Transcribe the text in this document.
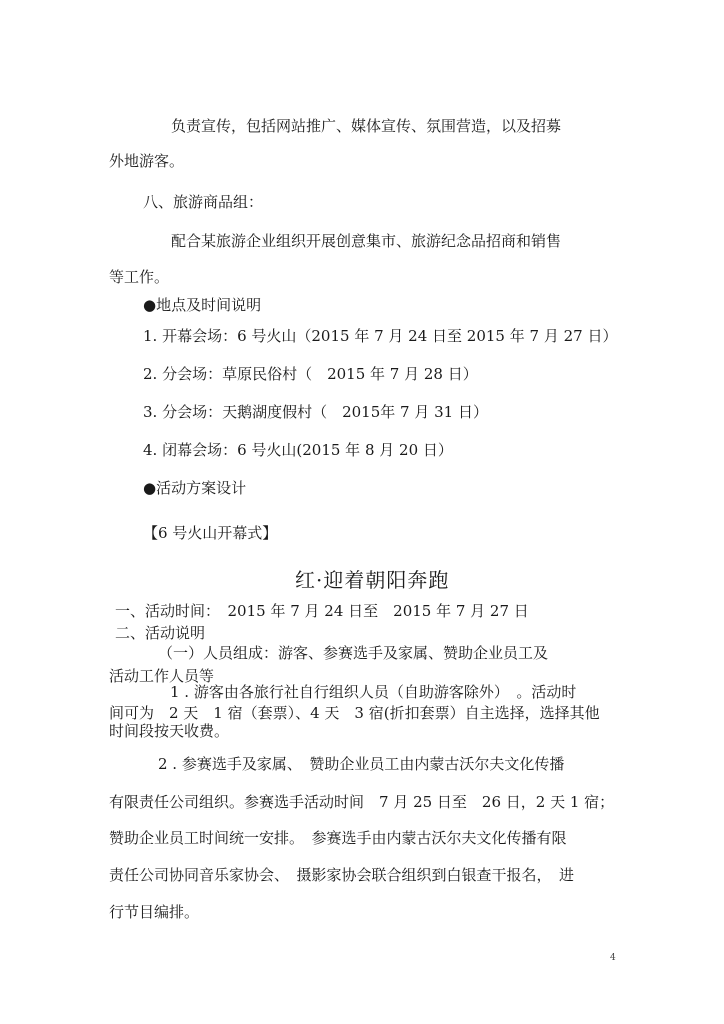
负责宣传，包括网站推广、媒体宣传、氛围营造，以及招募
外地游客。
八、旅游商品组：
配合某旅游企业组织开展创意集市、旅游纪念品招商和销售
等工作。
●地点及时间说明
1. 开幕会场：6 号火山（2015 年 7 月 24 日至 2015 年 7 月 27 日）
2. 分会场：草原民俗村（　2015 年 7 月 28 日）
3. 分会场：天鹅湖度假村（　2015年 7 月 31 日）
4. 闭幕会场：6 号火山(2015 年 8 月 20 日）
●活动方案设计
【6 号火山开幕式】
红·迎着朝阳奔跑
一、活动时间：　2015 年 7 月 24 日至　2015 年 7 月 27 日
二、活动说明
（一）人员组成：游客、参赛选手及家属、赞助企业员工及
活动工作人员等
1 . 游客由各旅行社自行组织人员（自助游客除外）　。活动时
间可为　2 天　1 宿（套票）、4 天　3 宿(折扣套票）自主选择，选择其他
时间段按天收费。
2 . 参赛选手及家属、　赞助企业员工由内蒙古沃尔夫文化传播
有限责任公司组织。参赛选手活动时间　7 月 25 日至　26 日，2 天 1 宿；
赞助企业员工时间统一安排。　参赛选手由内蒙古沃尔夫文化传播有限
责任公司协同音乐家协会、　摄影家协会联合组织到白银查干报名，　进
行节目编排。
4
